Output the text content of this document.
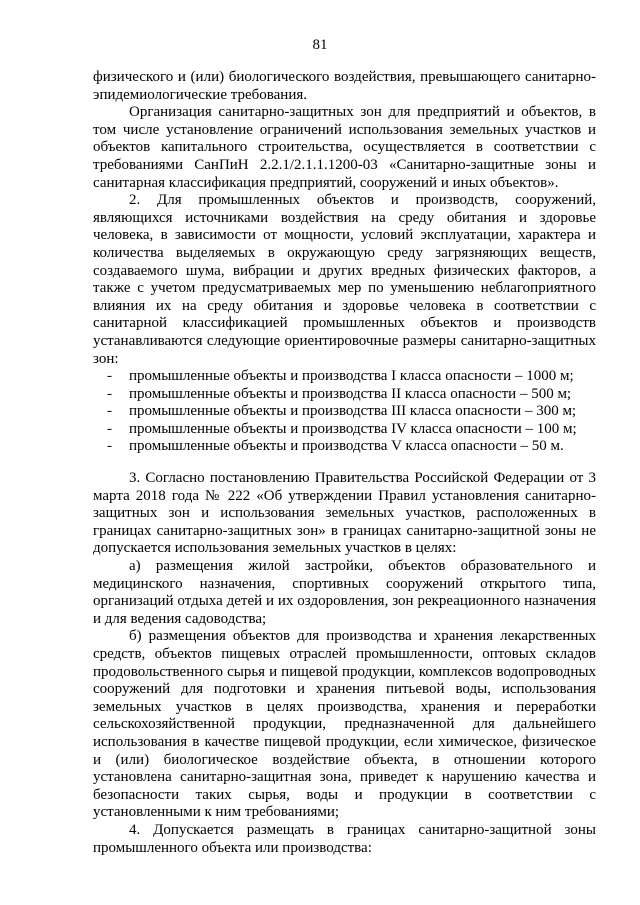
81

физического и (или) биологического воздействия, превышающего санитарно-эпидемиологические требования.

Организация санитарно-защитных зон для предприятий и объектов, в том числе установление ограничений использования земельных участков и объектов капитального строительства, осуществляется в соответствии с требованиями СанПиН 2.2.1/2.1.1.1200-03 «Санитарно-защитные зоны и санитарная классификация предприятий, сооружений и иных объектов».

2. Для промышленных объектов и производств, сооружений, являющихся источниками воздействия на среду обитания и здоровье человека, в зависимости от мощности, условий эксплуатации, характера и количества выделяемых в окружающую среду загрязняющих веществ, создаваемого шума, вибрации и других вредных физических факторов, а также с учетом предусматриваемых мер по уменьшению неблагоприятного влияния их на среду обитания и здоровье человека в соответствии с санитарной классификацией промышленных объектов и производств устанавливаются следующие ориентировочные размеры санитарно-защитных зон:

- промышленные объекты и производства I класса опасности – 1000 м;
- промышленные объекты и производства II класса опасности – 500 м;
- промышленные объекты и производства III класса опасности – 300 м;
- промышленные объекты и производства IV класса опасности – 100 м;
- промышленные объекты и производства V класса опасности – 50 м.

3. Согласно постановлению Правительства Российской Федерации от 3 марта 2018 года № 222 «Об утверждении Правил установления санитарно-защитных зон и использования земельных участков, расположенных в границах санитарно-защитных зон» в границах санитарно-защитной зоны не допускается использования земельных участков в целях:

а) размещения жилой застройки, объектов образовательного и медицинского назначения, спортивных сооружений открытого типа, организаций отдыха детей и их оздоровления, зон рекреационного назначения и для ведения садоводства;

б) размещения объектов для производства и хранения лекарственных средств, объектов пищевых отраслей промышленности, оптовых складов продовольственного сырья и пищевой продукции, комплексов водопроводных сооружений для подготовки и хранения питьевой воды, использования земельных участков в целях производства, хранения и переработки сельскохозяйственной продукции, предназначенной для дальнейшего использования в качестве пищевой продукции, если химическое, физическое и (или) биологическое воздействие объекта, в отношении которого установлена санитарно-защитная зона, приведет к нарушению качества и безопасности таких сырья, воды и продукции в соответствии с установленными к ним требованиями;

4. Допускается размещать в границах санитарно-защитной зоны промышленного объекта или производства:
